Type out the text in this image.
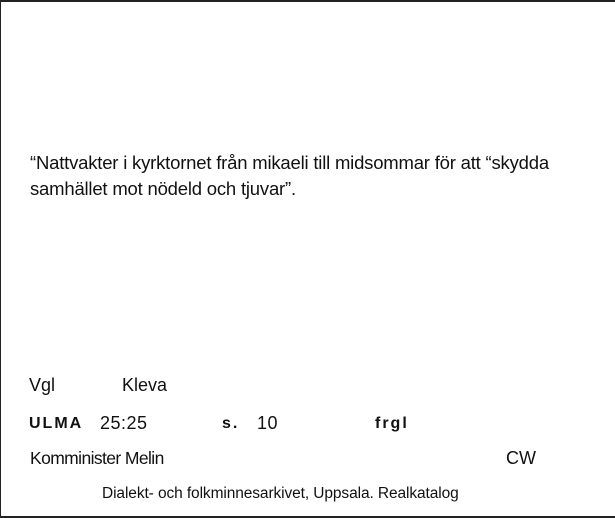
“Nattvakter i kyrktornet från mikaeli till midsommar för att “skydda
samhället mot nödeld och tjuvar”.

Vgl	Kleva
ULMA 25:25	s. 10	frgl
Komminister Melin	CW
Dialekt- och folkminnesarkivet, Uppsala. Realkatalog
